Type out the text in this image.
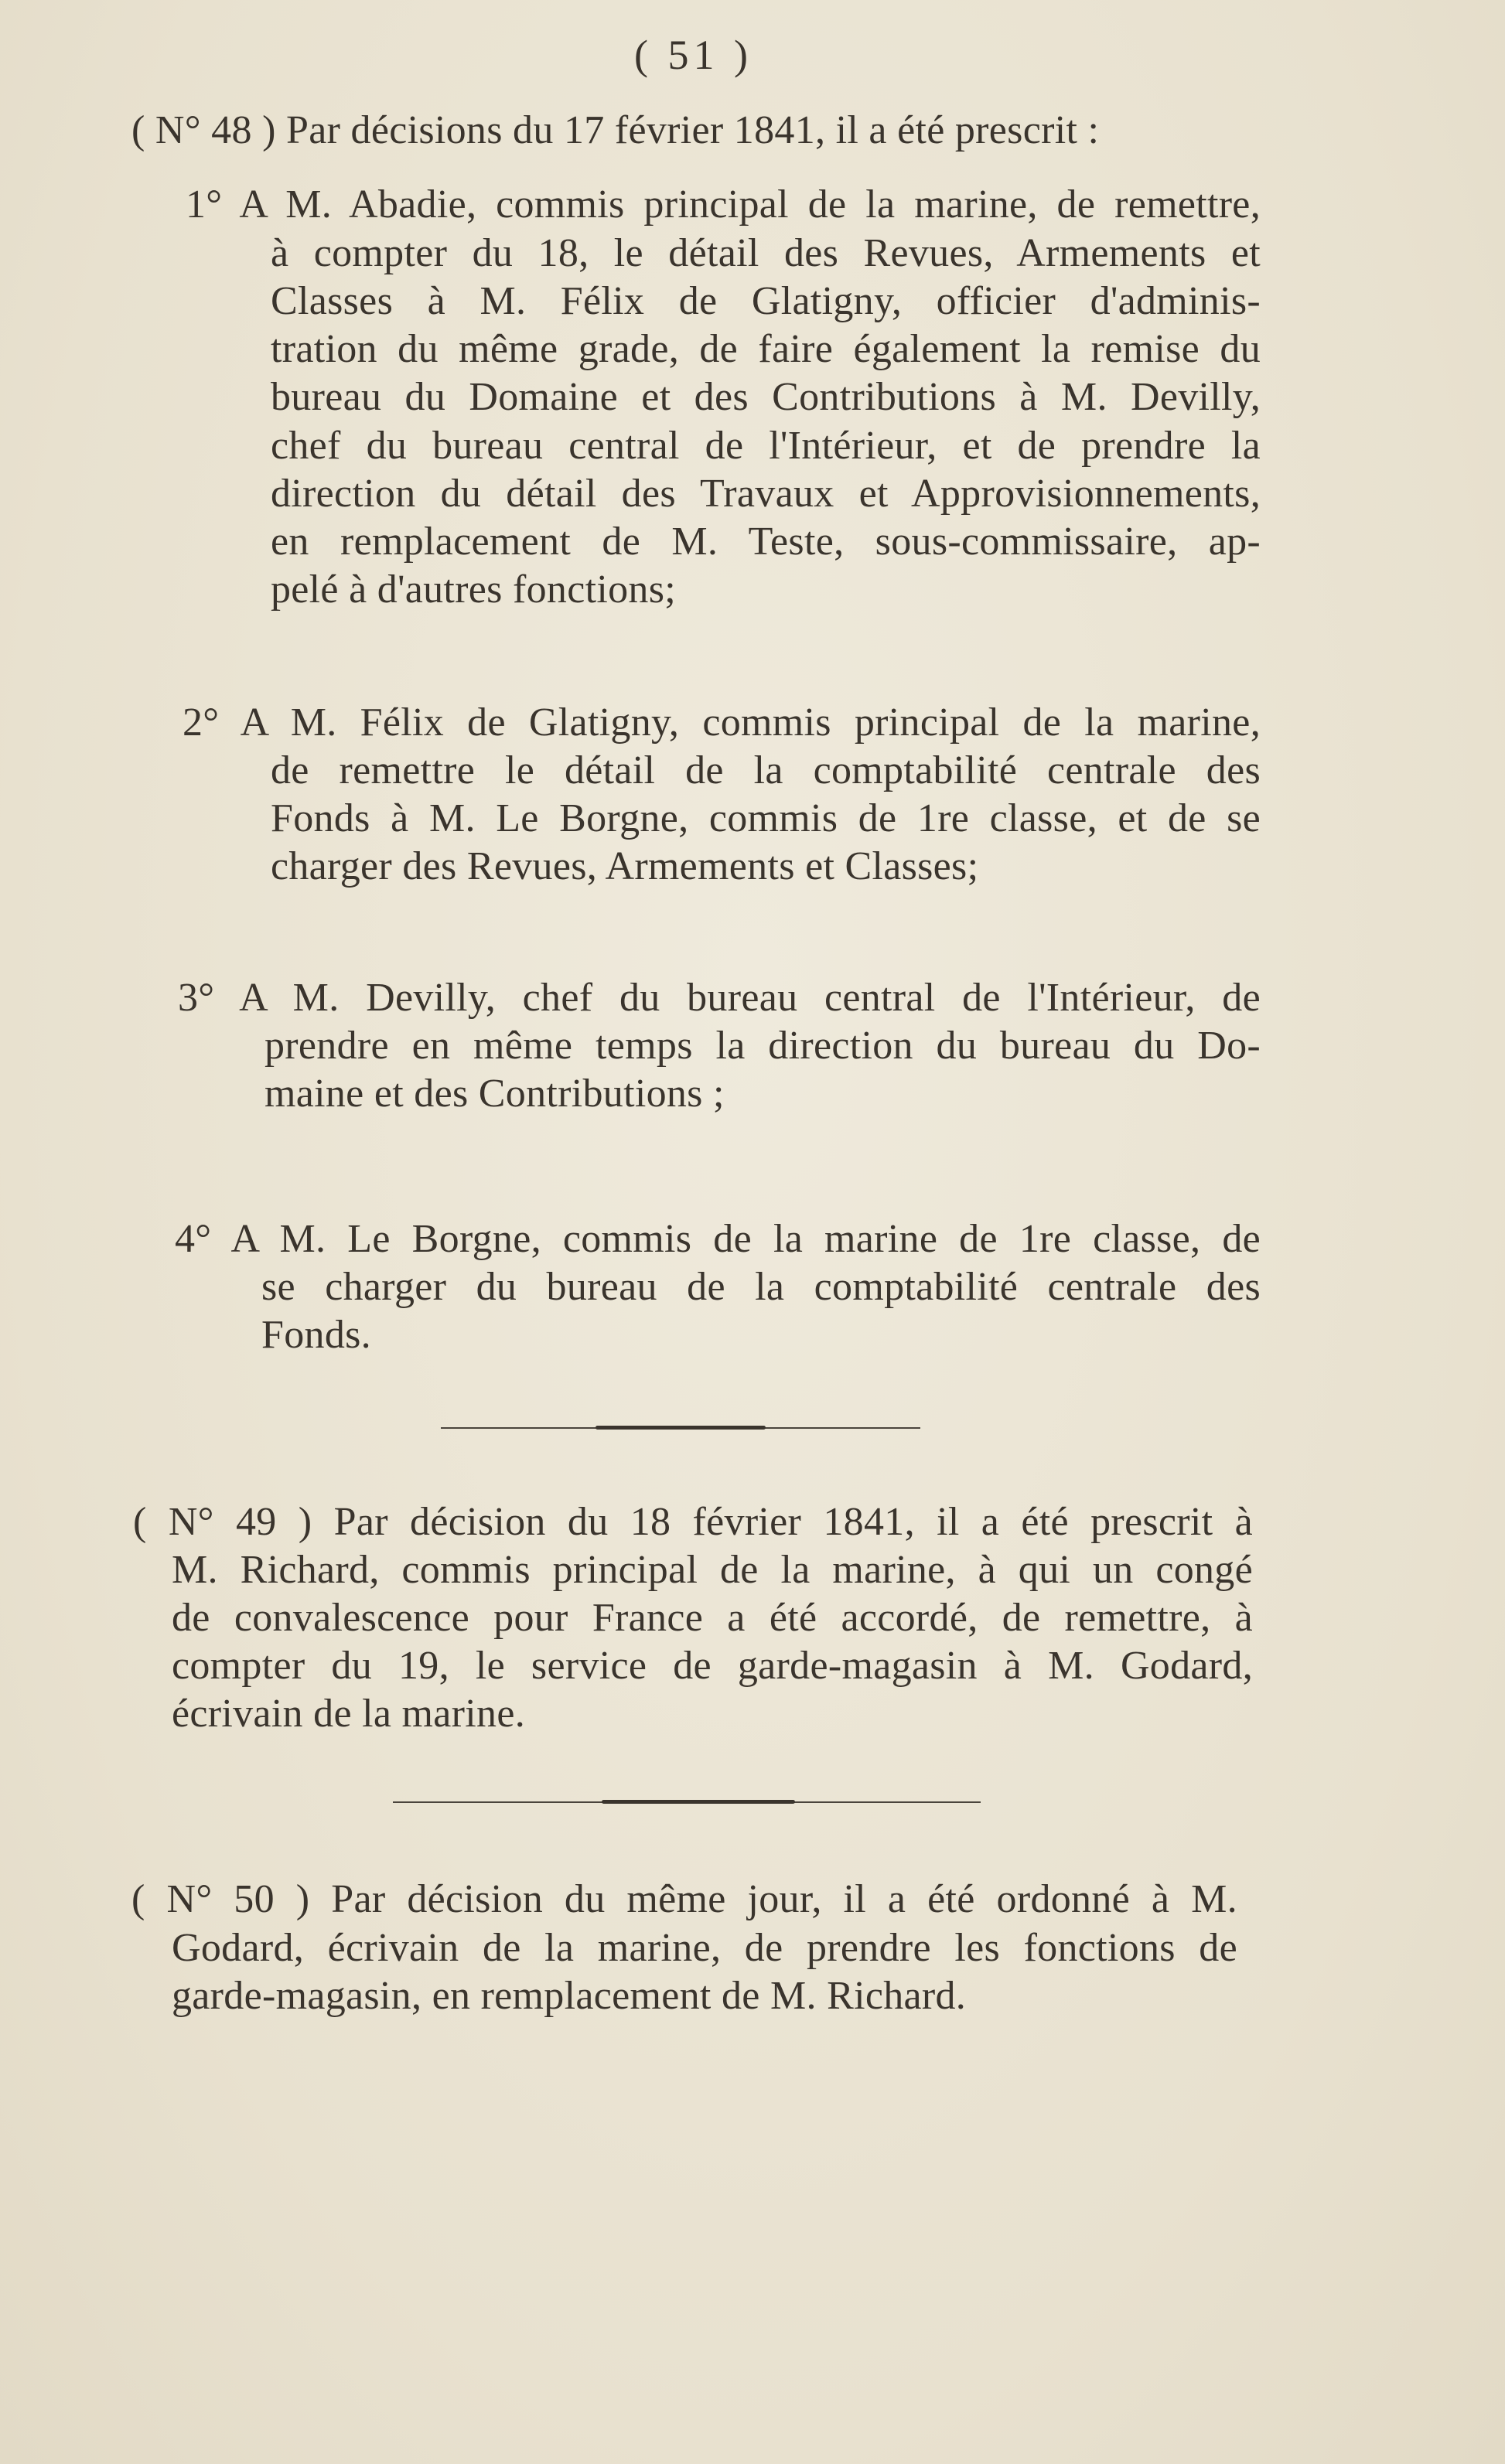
( 51 )
( N° 48 ) Par décisions du 17 février 1841, il a été prescrit :
1° A M. Abadie, commis principal de la marine, de remettre,
à compter du 18, le détail des Revues, Armements et
Classes à M. Félix de Glatigny, officier d'adminis-
tration du même grade, de faire également la remise du
bureau du Domaine et des Contributions à M. Devilly,
chef du bureau central de l'Intérieur, et de prendre la
direction du détail des Travaux et Approvisionnements,
en remplacement de M. Teste, sous-commissaire, ap-
pelé à d'autres fonctions;
2° A M. Félix de Glatigny, commis principal de la marine,
de remettre le détail de la comptabilité centrale des
Fonds à M. Le Borgne, commis de 1re classe, et de se
charger des Revues, Armements et Classes;
3° A M. Devilly, chef du bureau central de l'Intérieur, de
prendre en même temps la direction du bureau du Do-
maine et des Contributions ;
4° A M. Le Borgne, commis de la marine de 1re classe, de
se charger du bureau de la comptabilité centrale des
Fonds.
( N° 49 ) Par décision du 18 février 1841, il a été prescrit à
M. Richard, commis principal de la marine, à qui un congé
de convalescence pour France a été accordé, de remettre, à
compter du 19, le service de garde-magasin à M. Godard,
écrivain de la marine.
( N° 50 ) Par décision du même jour, il a été ordonné à M.
Godard, écrivain de la marine, de prendre les fonctions de
garde-magasin, en remplacement de M. Richard.
